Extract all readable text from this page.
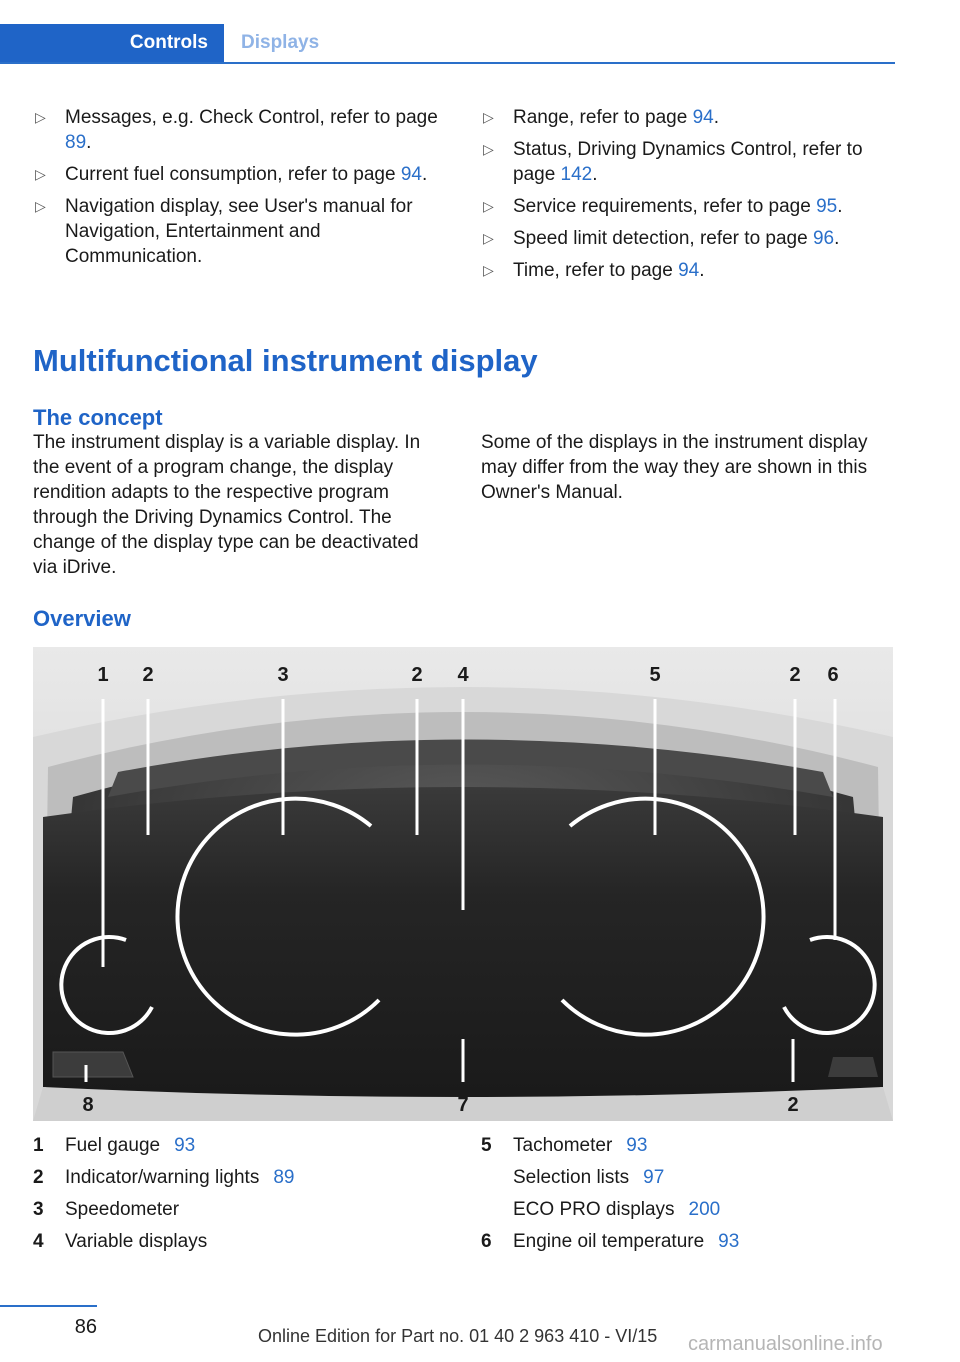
Controls	Displays
▷ Messages, e.g. Check Control, refer to page 89.
▷ Current fuel consumption, refer to page 94.
▷ Navigation display, see User's manual for Navigation, Entertainment and Communication.
▷ Range, refer to page 94.
▷ Status, Driving Dynamics Control, refer to page 142.
▷ Service requirements, refer to page 95.
▷ Speed limit detection, refer to page 96.
▷ Time, refer to page 94.
Multifunctional instrument display
The concept
The instrument display is a variable display. In the event of a program change, the display rendition adapts to the respective program through the Driving Dynamics Control. The change of the display type can be deactivated via iDrive.
Some of the displays in the instrument display may differ from the way they are shown in this Owner's Manual.
Overview
1 2	3	2 4	5	2 6
8	7	2
1 Fuel gauge 93
2 Indicator/warning lights 89
3 Speedometer
4 Variable displays
5 Tachometer 93
Selection lists 97
ECO PRO displays 200
6 Engine oil temperature 93
86	Online Edition for Part no. 01 40 2 963 410 - VI/15 carmanualsonline.info
